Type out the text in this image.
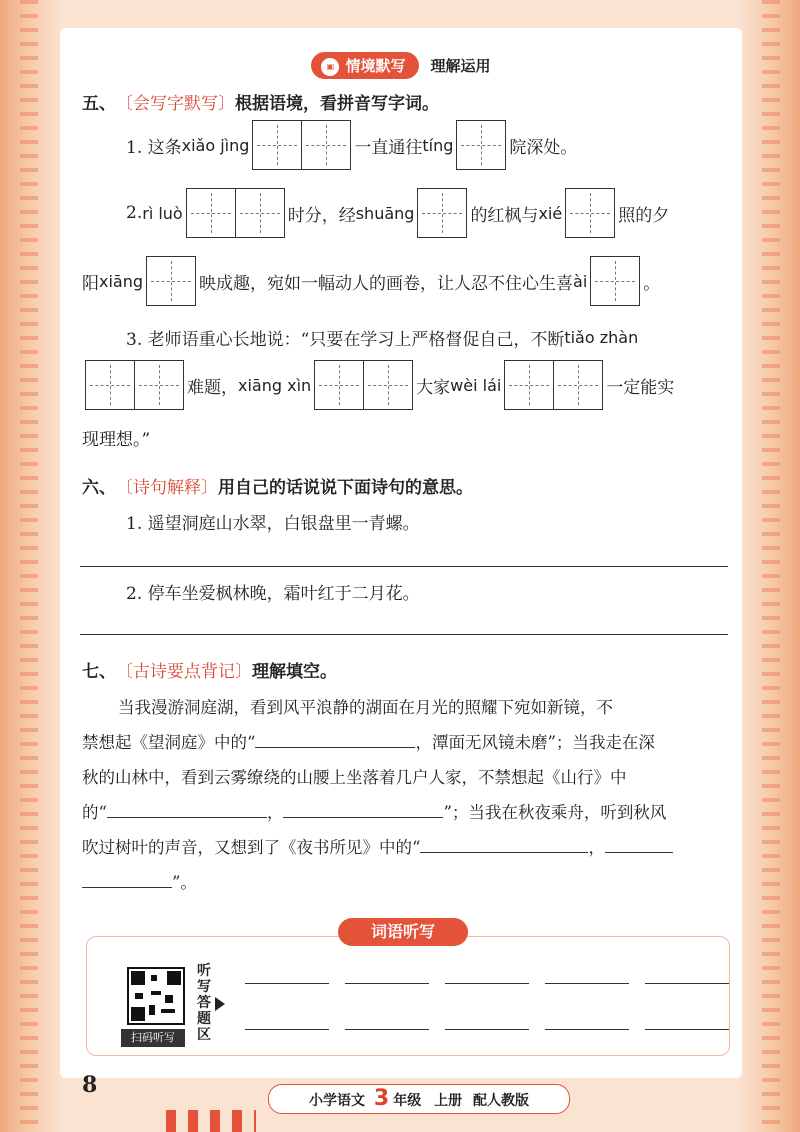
▣ 情境默写 理解运用
五、 〔会写字默写〕 根据语境，看拼音写字词。
1. 这条 xiǎo jìng	一直通往 tíng	院深处。
2. rì luò	时分，经 shuāng	的红枫与 xié	照的夕
阳 xiāng	映成趣，宛如一幅动人的画卷，让人忍不住心生喜 ài	。
3. 老师语重心长地说：“只要在学习上严格督促自己，不断 tiǎo zhàn
难题， xiāng xìn	大家 wèi lái	一定能实
现理想。”
六、 〔诗句解释〕 用自己的话说说下面诗句的意思。
1. 遥望洞庭山水翠，白银盘里一青螺。
2. 停车坐爱枫林晚，霜叶红于二月花。
七、 〔古诗要点背记〕 理解填空。
当我漫游洞庭湖，看到风平浪静的湖面在月光的照耀下宛如新镜，不
禁想起《望洞庭》中的“	，潭面无风镜未磨”；当我走在深
秋的山林中，看到云雾缭绕的山腰上坐落着几户人家，不禁想起《山行》中
的“	，	”；当我在秋夜乘舟，听到秋风
吹过树叶的声音，又想到了《夜书所见》中的“	，
”。
扫码听写
听写答题区
词语听写
8
小学语文 3 年级 上册 配人教版
